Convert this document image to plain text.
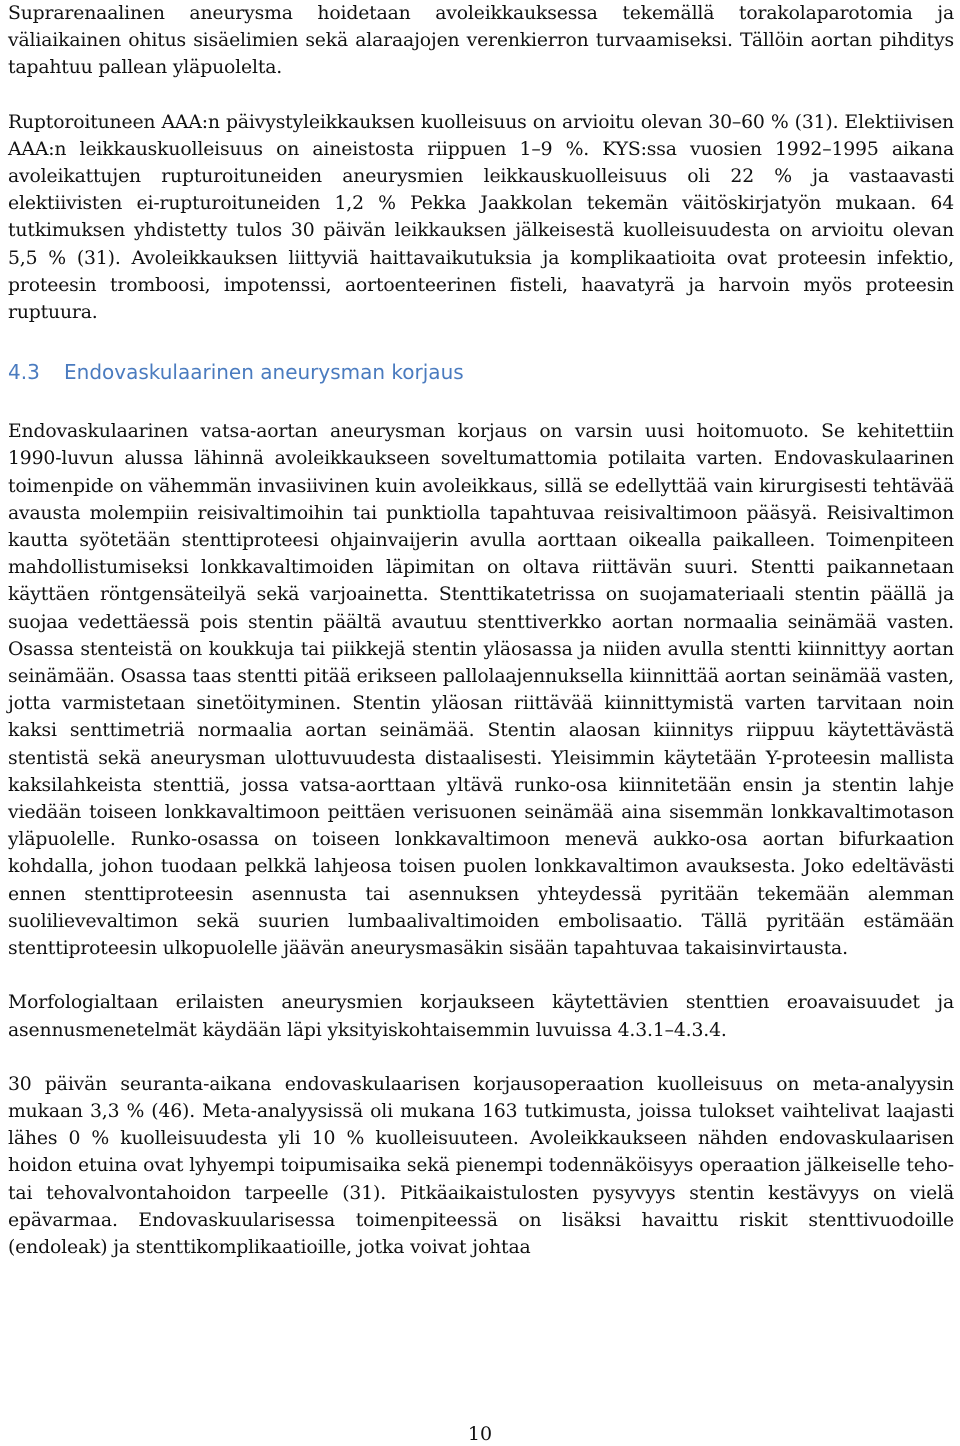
Suprarenaalinen aneurysma hoidetaan avoleikkauksessa tekemällä torakolaparotomia ja väliaikainen ohitus sisäelimien sekä alaraajojen verenkierron turvaamiseksi. Tällöin aortan pihditys tapahtuu pallean yläpuolelta.

Ruptoroituneen AAA:n päivystyleikkauksen kuolleisuus on arvioitu olevan 30–60 % (31). Elektiivisen AAA:n leikkauskuolleisuus on aineistosta riippuen 1–9 %. KYS:ssa vuosien 1992–1995 aikana avoleikattujen rupturoituneiden aneurysmien leikkauskuolleisuus oli 22 % ja vastaavasti elektiivisten ei-rupturoituneiden 1,2 % Pekka Jaakkolan tekemän väitöskirjatyön mukaan. 64 tutkimuksen yhdistetty tulos 30 päivän leikkauksen jälkeisestä kuolleisuudesta on arvioitu olevan 5,5 % (31). Avoleikkauksen liittyviä haittavaikutuksia ja komplikaatioita ovat proteesin infektio, proteesin tromboosi, impotenssi, aortoenteerinen fisteli, haavatyrä ja harvoin myös proteesin ruptuura.

4.3 Endovaskulaarinen aneurysman korjaus

Endovaskulaarinen vatsa-aortan aneurysman korjaus on varsin uusi hoitomuoto. Se kehitettiin 1990-luvun alussa lähinnä avoleikkaukseen soveltumattomia potilaita varten. Endovaskulaarinen toimenpide on vähemmän invasiivinen kuin avoleikkaus, sillä se edellyttää vain kirurgisesti tehtävää avausta molempiin reisivaltimoihin tai punktiolla tapahtuvaa reisivaltimoon pääsyä. Reisivaltimon kautta syötetään stenttiproteesi ohjainvaijerin avulla aorttaan oikealla paikalleen. Toimenpiteen mahdollistumiseksi lonkkavaltimoiden läpimitan on oltava riittävän suuri. Stentti paikannetaan käyttäen röntgensäteilyä sekä varjoainetta. Stenttikatetrissa on suojamateriaali stentin päällä ja suojaa vedettäessä pois stentin päältä avautuu stenttiverkko aortan normaalia seinämää vasten. Osassa stenteistä on koukkuja tai piikkejä stentin yläosassa ja niiden avulla stentti kiinnittyy aortan seinämään. Osassa taas stentti pitää erikseen pallolaajennuksella kiinnittää aortan seinämää vasten, jotta varmistetaan sinetöityminen. Stentin yläosan riittävää kiinnittymistä varten tarvitaan noin kaksi senttimetriä normaalia aortan seinämää. Stentin alaosan kiinnitys riippuu käytettävästä stentistä sekä aneurysman ulottuvuudesta distaalisesti. Yleisimmin käytetään Y-proteesin mallista kaksilahkeista stenttiä, jossa vatsa-aorttaan yltävä runko-osa kiinnitetään ensin ja stentin lahje viedään toiseen lonkkavaltimoon peittäen verisuonen seinämää aina sisemmän lonkkavaltimotason yläpuolelle. Runko-osassa on toiseen lonkkavaltimoon menevä aukko-osa aortan bifurkaation kohdalla, johon tuodaan pelkkä lahjeosa toisen puolen lonkkavaltimon avauksesta. Joko edeltävästi ennen stenttiproteesin asennusta tai asennuksen yhteydessä pyritään tekemään alemman suolilievevaltimon sekä suurien lumbaalivaltimoiden embolisaatio. Tällä pyritään estämään stenttiproteesin ulkopuolelle jäävän aneurysmasäkin sisään tapahtuvaa takaisinvirtausta.

Morfologialtaan erilaisten aneurysmien korjaukseen käytettävien stenttien eroavaisuudet ja asennusmenetelmät käydään läpi yksityiskohtaisemmin luvuissa 4.3.1–4.3.4.

30 päivän seuranta-aikana endovaskulaarisen korjausoperaation kuolleisuus on meta-analyysin mukaan 3,3 % (46). Meta-analyysissä oli mukana 163 tutkimusta, joissa tulokset vaihtelivat laajasti lähes 0 % kuolleisuudesta yli 10 % kuolleisuuteen. Avoleikkaukseen nähden endovaskulaarisen hoidon etuina ovat lyhyempi toipumisaika sekä pienempi todennäköisyys operaation jälkeiselle teho- tai tehovalvontahoidon tarpeelle (31). Pitkäaikaistulosten pysyvyys stentin kestävyys on vielä epävarmaa. Endovaskuularisessa toimenpiteessä on lisäksi havaittu riskit stenttivuodoille (endoleak) ja stenttikomplikaatioille, jotka voivat johtaa

10
